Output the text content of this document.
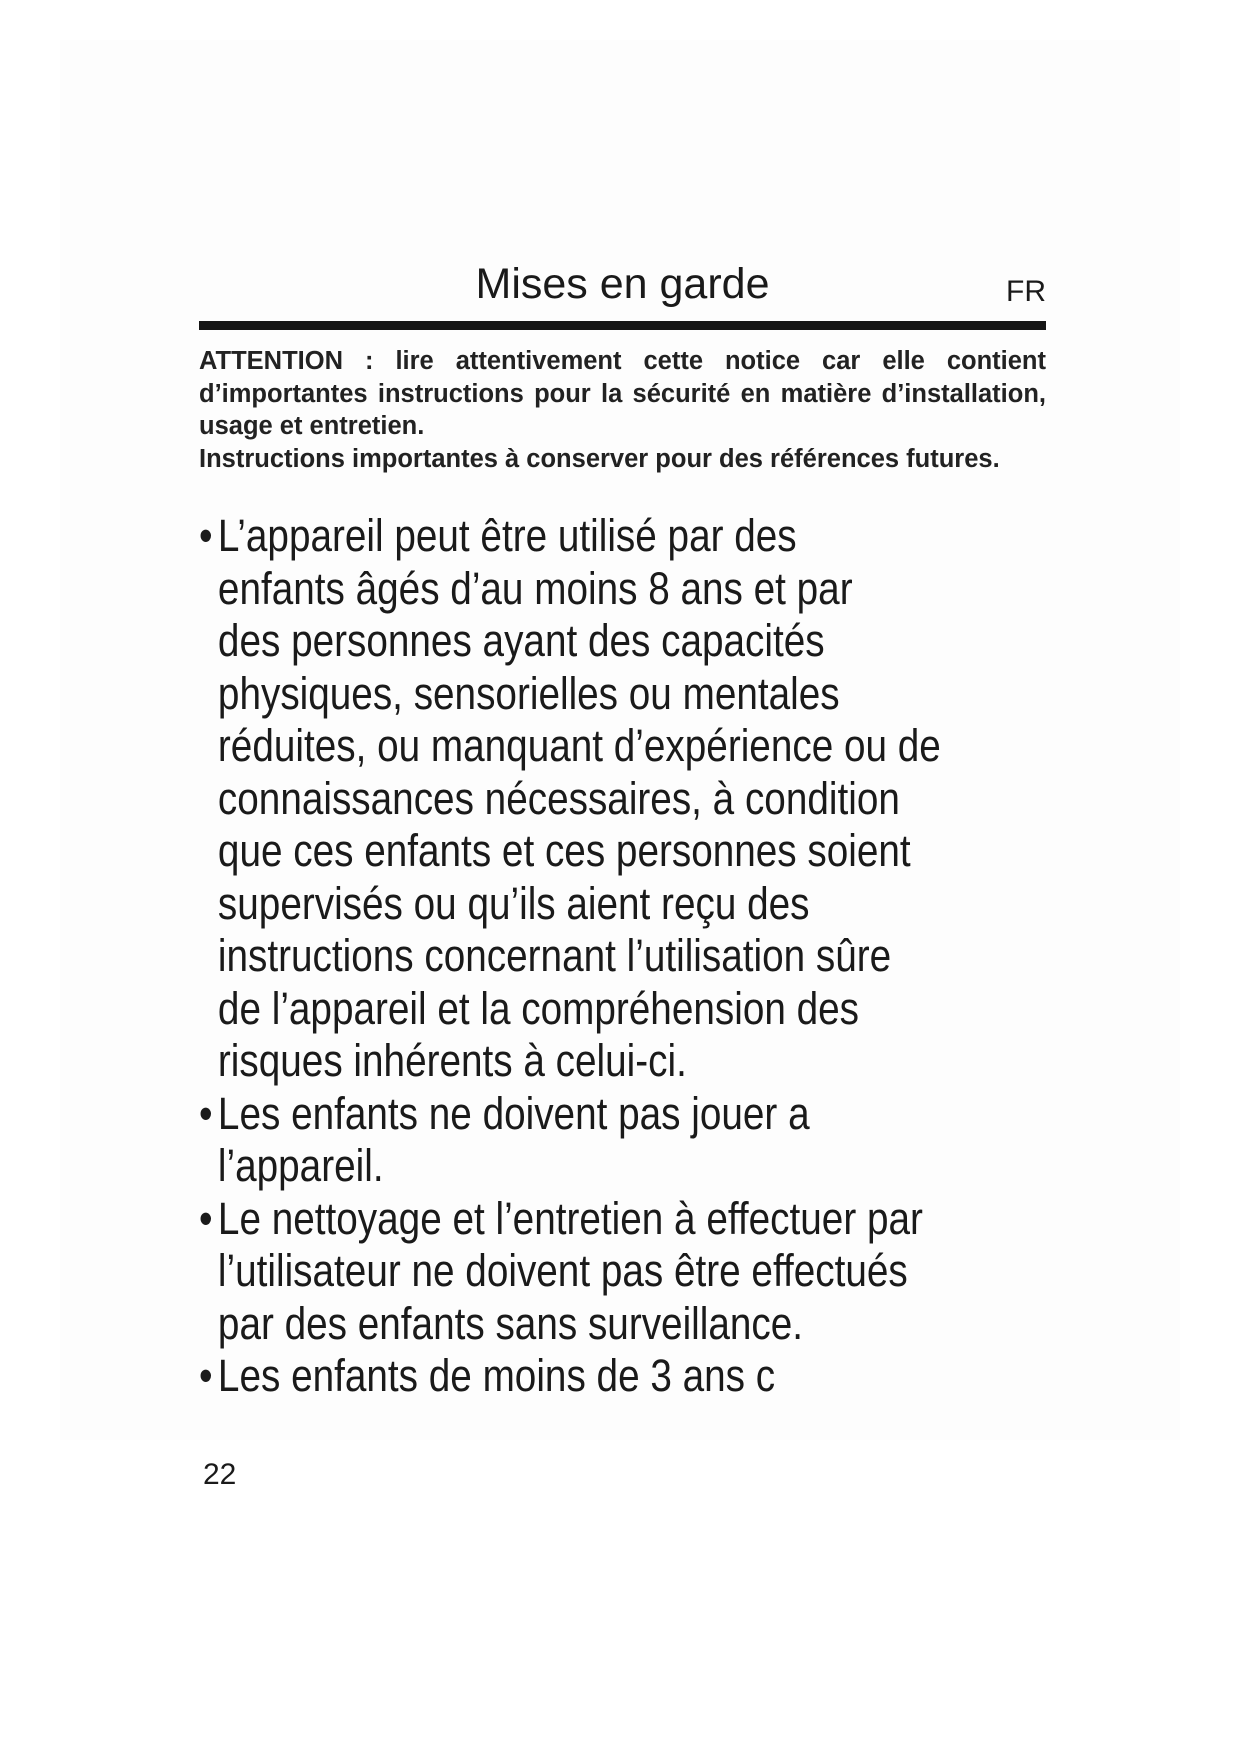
Mises en garde	FR

ATTENTION : lire attentivement cette notice car elle contient d’importantes instructions pour la sécurité en matière d’installation, usage et entretien.

Instructions importantes à conserver pour des références futures.

• L’appareil peut être utilisé par des
enfants âgés d’au moins 8 ans et par
des personnes ayant des capacités
physiques, sensorielles ou mentales
réduites, ou manquant d’expérience ou de
connaissances nécessaires, à condition
que ces enfants et ces personnes soient
supervisés ou qu’ils aient reçu des
instructions concernant l’utilisation sûre
de l’appareil et la compréhension des
risques inhérents à celui-ci.
• Les enfants ne doivent pas jouer a
l’appareil.
• Le nettoyage et l’entretien à effectuer par
l’utilisateur ne doivent pas être effectués
par des enfants sans surveillance.
• Les enfants de moins de 3 ans c
22
